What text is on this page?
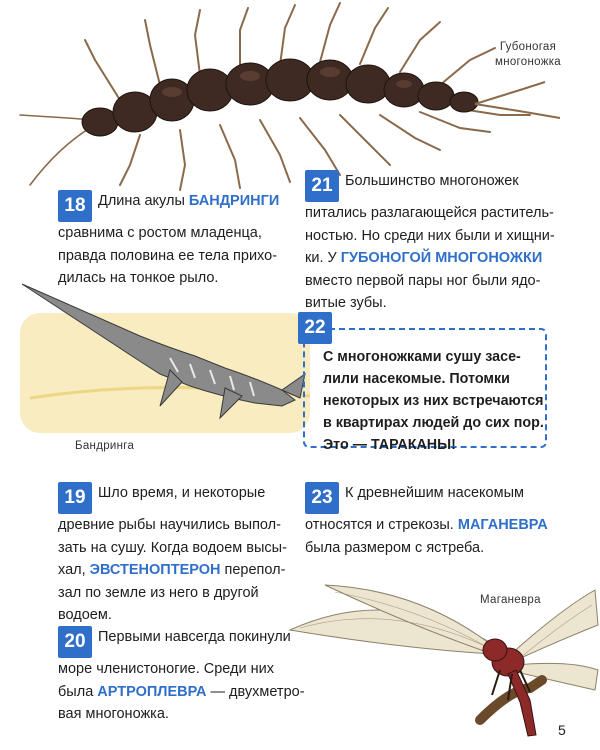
Губоногая многоножка
18 Длина акулы БАНДРИНГИ

сравнима с ростом младенца,

правда половина ее тела прихо-

дилась на тонкое рыло.

Бандринга
19 Шло время, и некоторые

древние рыбы научились выпол-

зать на сушу. Когда водоем высы-

хал, ЭВСТЕНОПТЕРОН перепол-

зал по земле из него в другой

водоем.

20 Первыми навсегда покинули

море членистоногие. Среди них

была АРТРОПЛЕВРА — двухметро-

вая многоножка.

21 Большинство многоножек

питались разлагающейся раститель-

ностью. Но среди них были и хищни-

ки. У ГУБОНОГОЙ МНОГОНОЖКИ

вместо первой пары ног были ядо-

витые зубы.

С многоножками сушу засе-

лили насекомые. Потомки

некоторых из них встречаются

в квартирах людей до сих пор.

Это — ТАРАКАНЫ!

22
23 К древнейшим насекомым

относятся и стрекозы. МАГАНЕВРА

была размером с ястреба.

Маганевра
5
